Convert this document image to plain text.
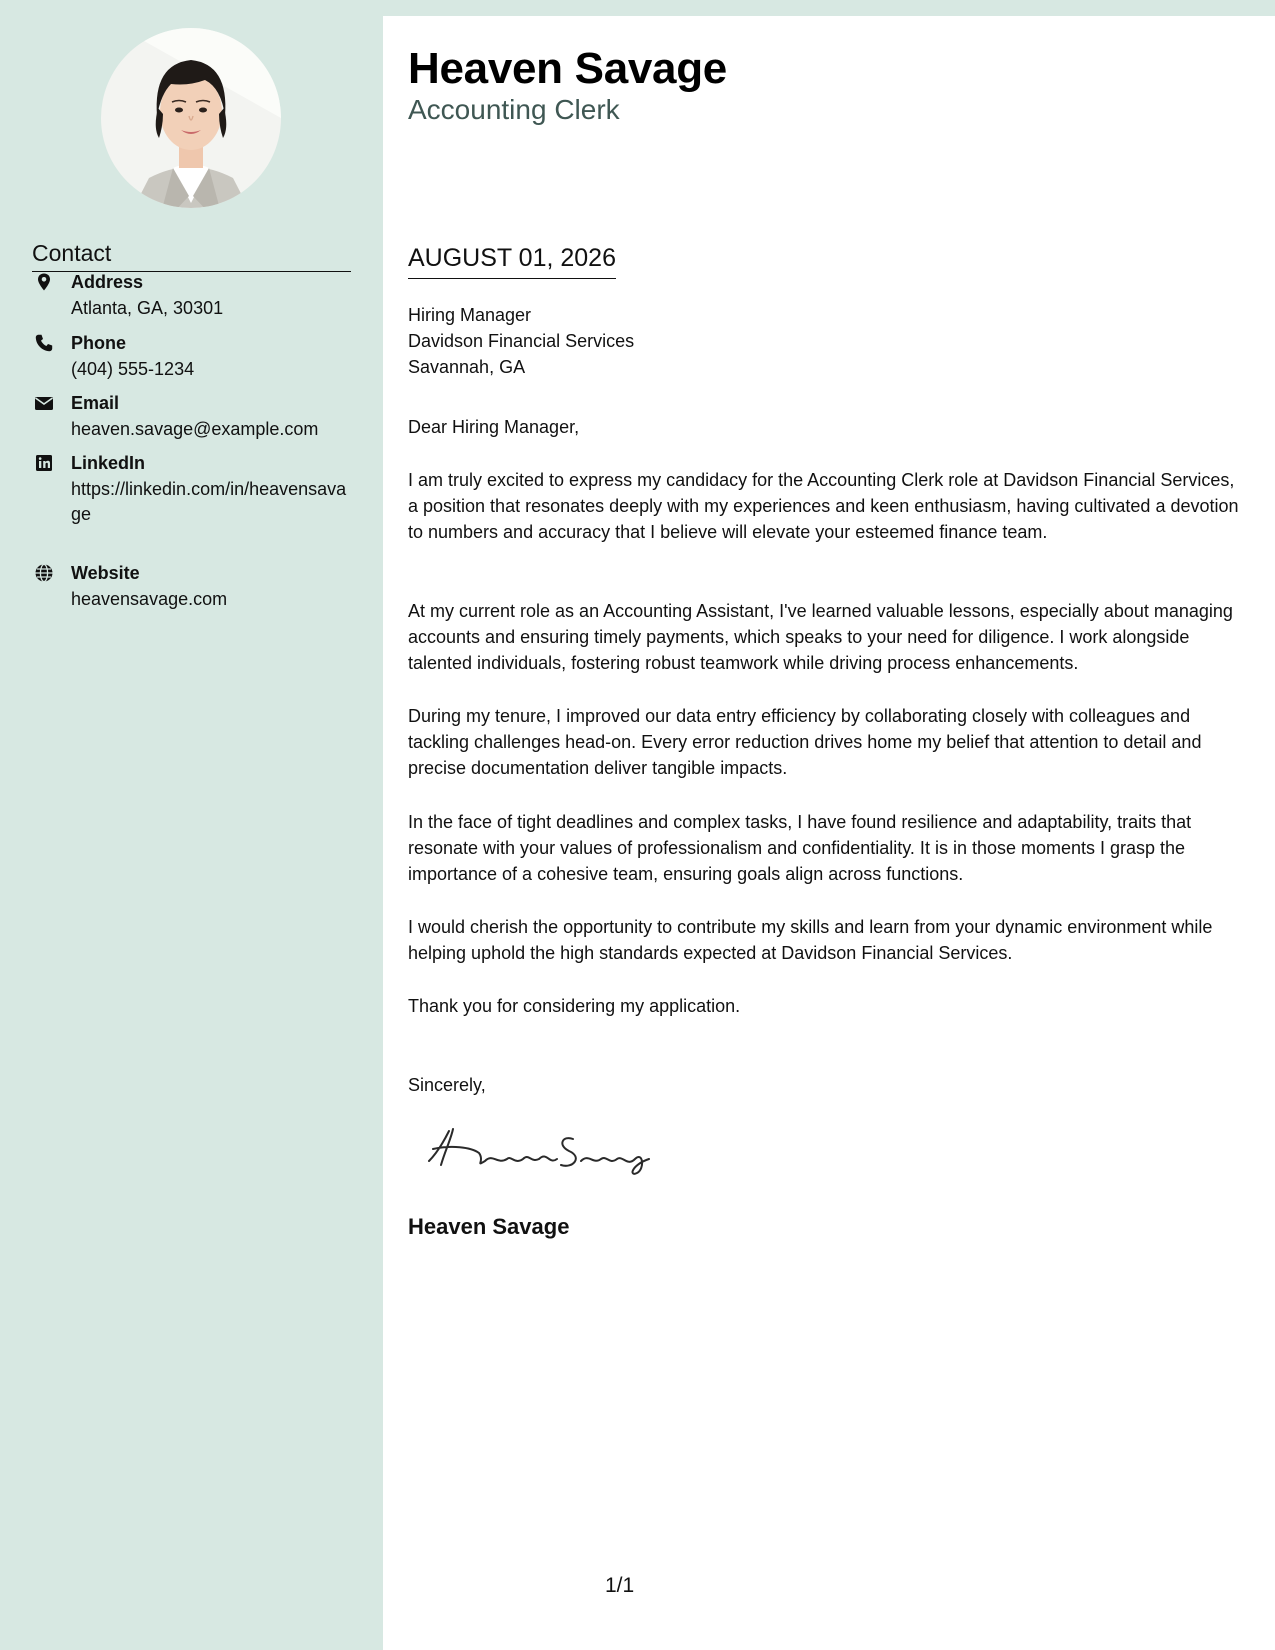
Contact
Address
Atlanta, GA, 30301
Phone
(404) 555-1234
Email
heaven.savage@example.com
LinkedIn
https://linkedin.com/in/heavensavage
Website
heavensavage.com
Heaven Savage
Accounting Clerk
AUGUST 01, 2026
Hiring Manager
Davidson Financial Services
Savannah, GA

Dear Hiring Manager,

I am truly excited to express my candidacy for the Accounting Clerk role at Davidson Financial Services, a position that resonates deeply with my experiences and keen enthusiasm, having cultivated a devotion to numbers and accuracy that I believe will elevate your esteemed finance team.

At my current role as an Accounting Assistant, I've learned valuable lessons, especially about managing accounts and ensuring timely payments, which speaks to your need for diligence. I work alongside talented individuals, fostering robust teamwork while driving process enhancements.

During my tenure, I improved our data entry efficiency by collaborating closely with colleagues and tackling challenges head-on. Every error reduction drives home my belief that attention to detail and precise documentation deliver tangible impacts.

In the face of tight deadlines and complex tasks, I have found resilience and adaptability, traits that resonate with your values of professionalism and confidentiality. It is in those moments I grasp the importance of a cohesive team, ensuring goals align across functions.

I would cherish the opportunity to contribute my skills and learn from your dynamic environment while helping uphold the high standards expected at Davidson Financial Services.

Thank you for considering my application.

Sincerely,

Heaven Savage
1/1
